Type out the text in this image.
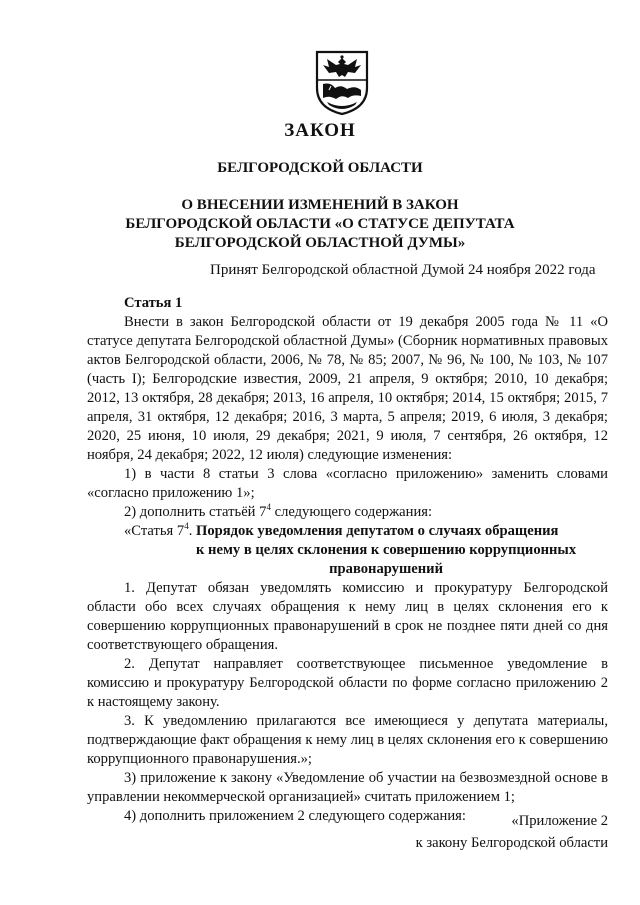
ЗАКОН
БЕЛГОРОДСКОЙ ОБЛАСТИ
О ВНЕСЕНИИ ИЗМЕНЕНИЙ В ЗАКОН
БЕЛГОРОДСКОЙ ОБЛАСТИ «О СТАТУСЕ ДЕПУТАТА
БЕЛГОРОДСКОЙ ОБЛАСТНОЙ ДУМЫ»
Принят Белгородской областной Думой 24 ноября 2022 года

Статья 1

Внести в закон Белгородской области от 19 декабря 2005 года № 11 «О статусе депутата Белгородской областной Думы» (Сборник нормативных правовых актов Белгородской области, 2006, № 78, № 85; 2007, № 96, № 100, № 103, № 107 (часть I); Белгородские известия, 2009, 21 апреля, 9 октября; 2010, 10 декабря; 2012, 13 октября, 28 декабря; 2013, 16 апреля, 10 октября; 2014, 15 октября; 2015, 7 апреля, 31 октября, 12 декабря; 2016, 3 марта, 5 апреля; 2019, 6 июля, 3 декабря; 2020, 25 июня, 10 июля, 29 декабря; 2021, 9 июля, 7 сентября, 26 октября, 12 ноября, 24 декабря; 2022, 12 июля) следующие изменения:

1) в части 8 статьи 3 слова «согласно приложению» заменить словами «согласно приложению 1»;

2) дополнить статьёй $7^4$ следующего содержания:

«Статья $7^4$. Порядок уведомления депутатом о случаях обращения
к нему в целях склонения к совершению коррупционных
правонарушений

1. Депутат обязан уведомлять комиссию и прокуратуру Белгородской области обо всех случаях обращения к нему лиц в целях склонения его к совершению коррупционных правонарушений в срок не позднее пяти дней со дня соответствующего обращения.

2. Депутат направляет соответствующее письменное уведомление в комиссию и прокуратуру Белгородской области по форме согласно приложению 2 к настоящему закону.

3. К уведомлению прилагаются все имеющиеся у депутата материалы, подтверждающие факт обращения к нему лиц в целях склонения его к совершению коррупционного правонарушения.»;

3) приложение к закону «Уведомление об участии на безвозмездной основе в управлении некоммерческой организацией» считать приложением 1;

4) дополнить приложением 2 следующего содержания:	«Приложение 2
к закону Белгородской области
